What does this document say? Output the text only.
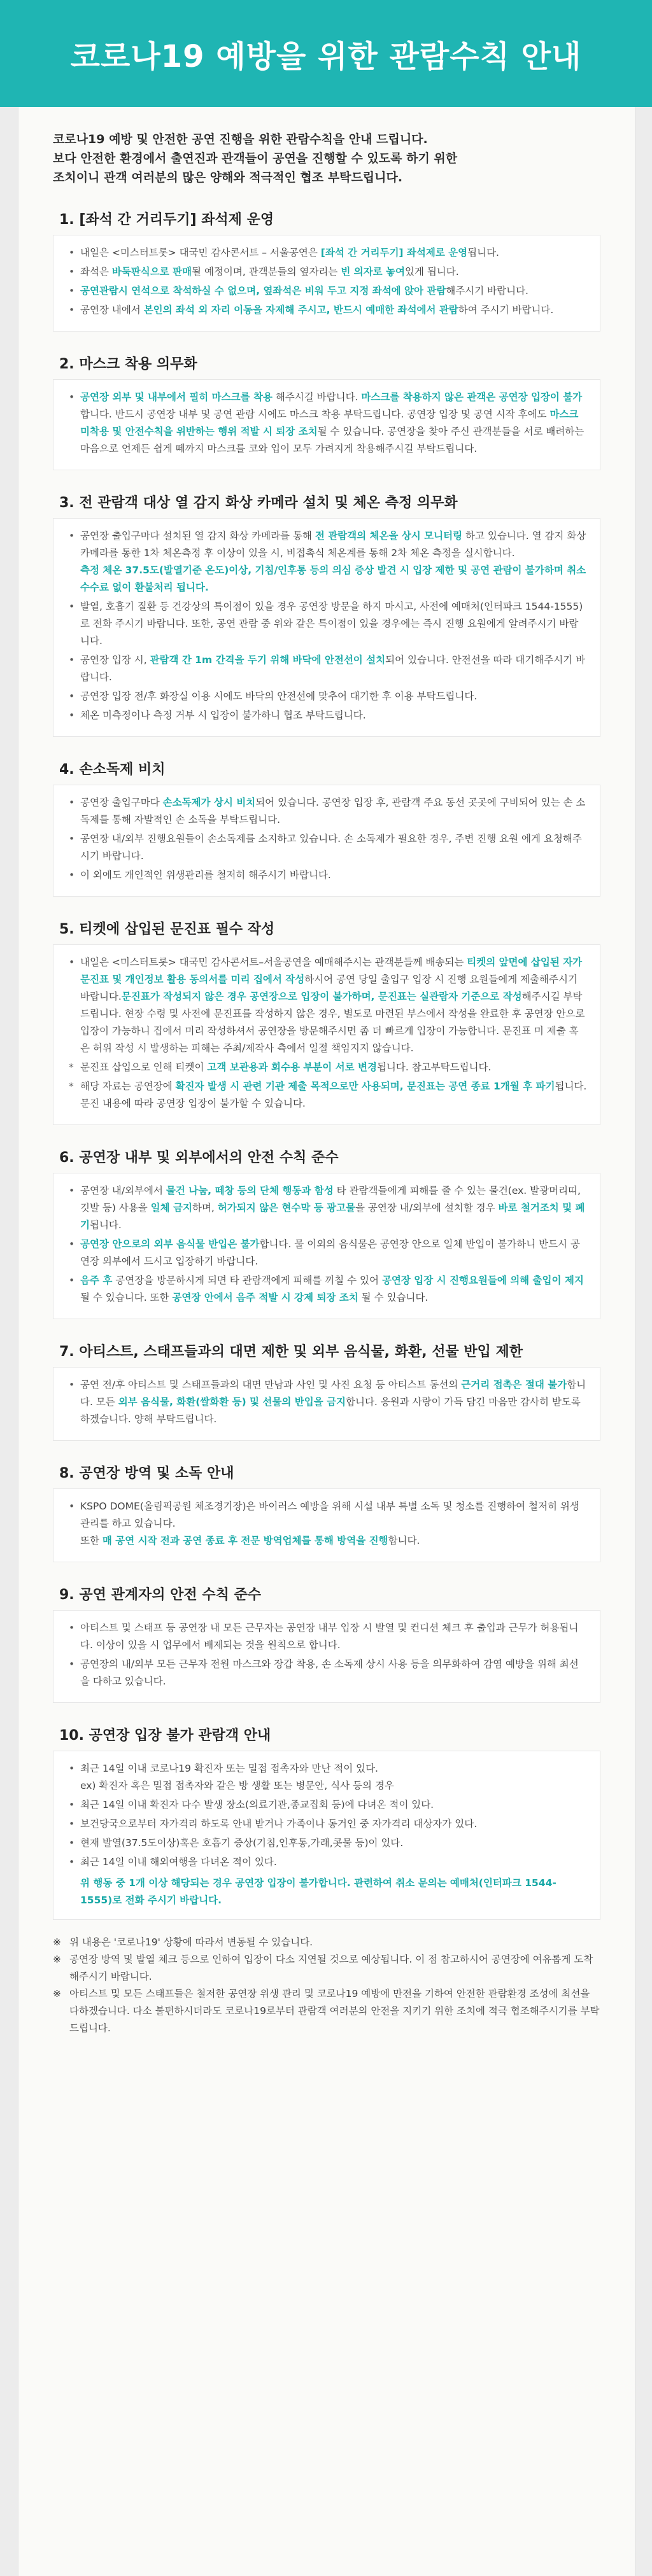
코로나19 예방을 위한 관람수칙 안내

코로나19 예방 및 안전한 공연 진행을 위한 관람수칙을 안내 드립니다.

보다 안전한 환경에서 출연진과 관객들이 공연을 진행할 수 있도록 하기 위한

조치이니 관객 여러분의 많은 양해와 적극적인 협조 부탁드립니다.

1. [좌석 간 거리두기] 좌석제 운영
• 내일은 <미스터트롯> 대국민 감사콘서트 – 서울공연은 [좌석 간 거리두기] 좌석제로 운영됩니다.
• 좌석은 바둑판식으로 판매될 예정이며, 관객분들의 옆자리는 빈 의자로 놓여있게 됩니다.
• 공연관람시 연석으로 착석하실 수 없으며, 옆좌석은 비워 두고 지정 좌석에 앉아 관람해주시기 바랍니다.
• 공연장 내에서 본인의 좌석 외 자리 이동을 자제해 주시고, 반드시 예매한 좌석에서 관람하여 주시기 바랍니다.
2. 마스크 착용 의무화
• 공연장 외부 및 내부에서 필히 마스크를 착용 해주시길 바랍니다. 마스크를 착용하지 않은 관객은 공연장 입장이 불가합니다. 반드시 공연장 내부 및 공연 관람 시에도 마스크 착용 부탁드립니다. 공연장 입장 및 공연 시작 후에도 마스크 미착용 및 안전수칙을 위반하는 행위 적발 시 퇴장 조치될 수 있습니다. 공연장을 찾아 주신 관객분들을 서로 배려하는 마음으로 언제든 쉽게 떼까지 마스크를 코와 입이 모두 가려지게 착용해주시길 부탁드립니다.
3. 전 관람객 대상 열 감지 화상 카메라 설치 및 체온 측정 의무화
• 공연장 출입구마다 설치된 열 감지 화상 카메라를 통해 전 관람객의 체온을 상시 모니터링 하고 있습니다. 열 감지 화상카메라를 통한 1차 체온측정 후 이상이 있을 시, 비접촉식 체온계를 통해 2차 체온 측정을 실시합니다.
측정 체온 37.5도(발열기준 온도)이상, 기침/인후통 등의 의심 증상 발견 시 입장 제한 및 공연 관람이 불가하며 취소 수수료 없이 환불처리 됩니다.
• 발열, 호흡기 질환 등 건강상의 특이점이 있을 경우 공연장 방문을 하지 마시고, 사전에 예매처(인터파크 1544-1555)로 전화 주시기 바랍니다. 또한, 공연 관람 중 위와 같은 특이점이 있을 경우에는 즉시 진행 요원에게 알려주시기 바랍니다.
• 공연장 입장 시, 관람객 간 1m 간격을 두기 위해 바닥에 안전선이 설치되어 있습니다. 안전선을 따라 대기해주시기 바랍니다.
• 공연장 입장 전/후 화장실 이용 시에도 바닥의 안전선에 맞추어 대기한 후 이용 부탁드립니다.
• 체온 미측정이나 측정 거부 시 입장이 불가하니 협조 부탁드립니다.
4. 손소독제 비치
• 공연장 출입구마다 손소독제가 상시 비치되어 있습니다. 공연장 입장 후, 관람객 주요 동선 곳곳에 구비되어 있는 손 소독제를 통해 자발적인 손 소독을 부탁드립니다.
• 공연장 내/외부 진행요원들이 손소독제를 소지하고 있습니다. 손 소독제가 필요한 경우, 주변 진행 요원 에게 요청해주시기 바랍니다.
• 이 외에도 개인적인 위생관리를 철저히 해주시기 바랍니다.
5. 티켓에 삽입된 문진표 필수 작성
• 내일은 <미스터트롯> 대국민 감사콘서트–서울공연을 예매해주시는 관객분들께 배송되는 티켓의 앞면에 삽입된 자가 문진표 및 개인정보 활용 동의서를 미리 집에서 작성하시어 공연 당일 출입구 입장 시 진행 요원들에게 제출해주시기 바랍니다.문진표가 작성되지 않은 경우 공연장으로 입장이 불가하며, 문진표는 실관람자 기준으로 작성해주시길 부탁드립니다. 현장 수령 및 사전에 문진표를 작성하지 않은 경우, 별도로 마련된 부스에서 작성을 완료한 후 공연장 안으로 입장이 가능하니 집에서 미리 작성하셔서 공연장을 방문해주시면 좀 더 빠르게 입장이 가능합니다. 문진표 미 제출 혹은 허위 작성 시 발생하는 피해는 주최/제작사 측에서 일절 책임지지 않습니다.
* 문진표 삽입으로 인해 티켓이 고객 보관용과 회수용 부분이 서로 변경됩니다. 참고부탁드립니다.
* 해당 자료는 공연장에 확진자 발생 시 관련 기관 제출 목적으로만 사용되며, 문진표는 공연 종료 1개월 후 파기됩니다. 문진 내용에 따라 공연장 입장이 불가할 수 있습니다.
6. 공연장 내부 및 외부에서의 안전 수칙 준수
• 공연장 내/외부에서 물건 나눔, 떼창 등의 단체 행동과 함성 타 관람객들에게 피해를 줄 수 있는 물건(ex. 발광머리띠, 깃발 등) 사용을 일체 금지하며, 허가되지 않은 현수막 등 광고물을 공연장 내/외부에 설치할 경우 바로 철거조치 및 폐기됩니다.
• 공연장 안으로의 외부 음식물 반입은 불가합니다. 물 이외의 음식물은 공연장 안으로 일체 반입이 불가하니 반드시 공연장 외부에서 드시고 입장하기 바랍니다.
• 음주 후 공연장을 방문하시게 되면 타 관람객에게 피해를 끼칠 수 있어 공연장 입장 시 진행요원들에 의해 출입이 제지될 수 있습니다. 또한 공연장 안에서 음주 적발 시 강제 퇴장 조치 될 수 있습니다.
7. 아티스트, 스태프들과의 대면 제한 및 외부 음식물, 화환, 선물 반입 제한
• 공연 전/후 아티스트 및 스태프들과의 대면 만남과 사인 및 사진 요청 등 아티스트 동선의 근거리 접촉은 절대 불가합니다. 모든 외부 음식물, 화환(쌀화환 등) 및 선물의 반입을 금지합니다. 응원과 사랑이 가득 담긴 마음만 감사히 받도록 하겠습니다. 양해 부탁드립니다.
8. 공연장 방역 및 소독 안내
• KSPO DOME(올림픽공원 체조경기장)은 바이러스 예방을 위해 시설 내부 특별 소독 및 청소를 진행하여 철저히 위생관리를 하고 있습니다.
또한 매 공연 시작 전과 공연 종료 후 전문 방역업체를 통해 방역을 진행합니다.
9. 공연 관계자의 안전 수칙 준수
• 아티스트 및 스태프 등 공연장 내 모든 근무자는 공연장 내부 입장 시 발열 및 컨디션 체크 후 출입과 근무가 허용됩니다. 이상이 있을 시 업무에서 배제되는 것을 원칙으로 합니다.
• 공연장의 내/외부 모든 근무자 전원 마스크와 장갑 착용, 손 소독제 상시 사용 등을 의무화하여 감염 예방을 위해 최선을 다하고 있습니다.
10. 공연장 입장 불가 관람객 안내
• 최근 14일 이내 코로나19 확진자 또는 밀접 접촉자와 만난 적이 있다.
ex) 확진자 혹은 밀접 접촉자와 같은 방 생활 또는 병문안, 식사 등의 경우
• 최근 14일 이내 확진자 다수 발생 장소(의료기관,종교집회 등)에 다녀온 적이 있다.
• 보건당국으로부터 자가격리 하도록 안내 받거나 가족이나 동거인 중 자가격리 대상자가 있다.
• 현재 발열(37.5도이상)혹은 호흡기 증상(기침,인후통,가래,콧물 등)이 있다.
• 최근 14일 이내 해외여행을 다녀온 적이 있다.
위 행동 중 1개 이상 해당되는 경우 공연장 입장이 불가합니다. 관련하여 취소 문의는 예매처(인터파크 1544-1555)로 전화 주시기 바랍니다.
※ 위 내용은 '코로나19' 상황에 따라서 변동될 수 있습니다.
※ 공연장 방역 및 발열 체크 등으로 인하여 입장이 다소 지연될 것으로 예상됩니다. 이 점 참고하시어 공연장에 여유롭게 도착해주시기 바랍니다.
※ 아티스트 및 모든 스태프들은 철저한 공연장 위생 관리 및 코로나19 예방에 만전을 기하여 안전한 관람환경 조성에 최선을 다하겠습니다. 다소 불편하시더라도 코로나19로부터 관람객 여러분의 안전을 지키기 위한 조치에 적극 협조해주시기를 부탁드립니다.
